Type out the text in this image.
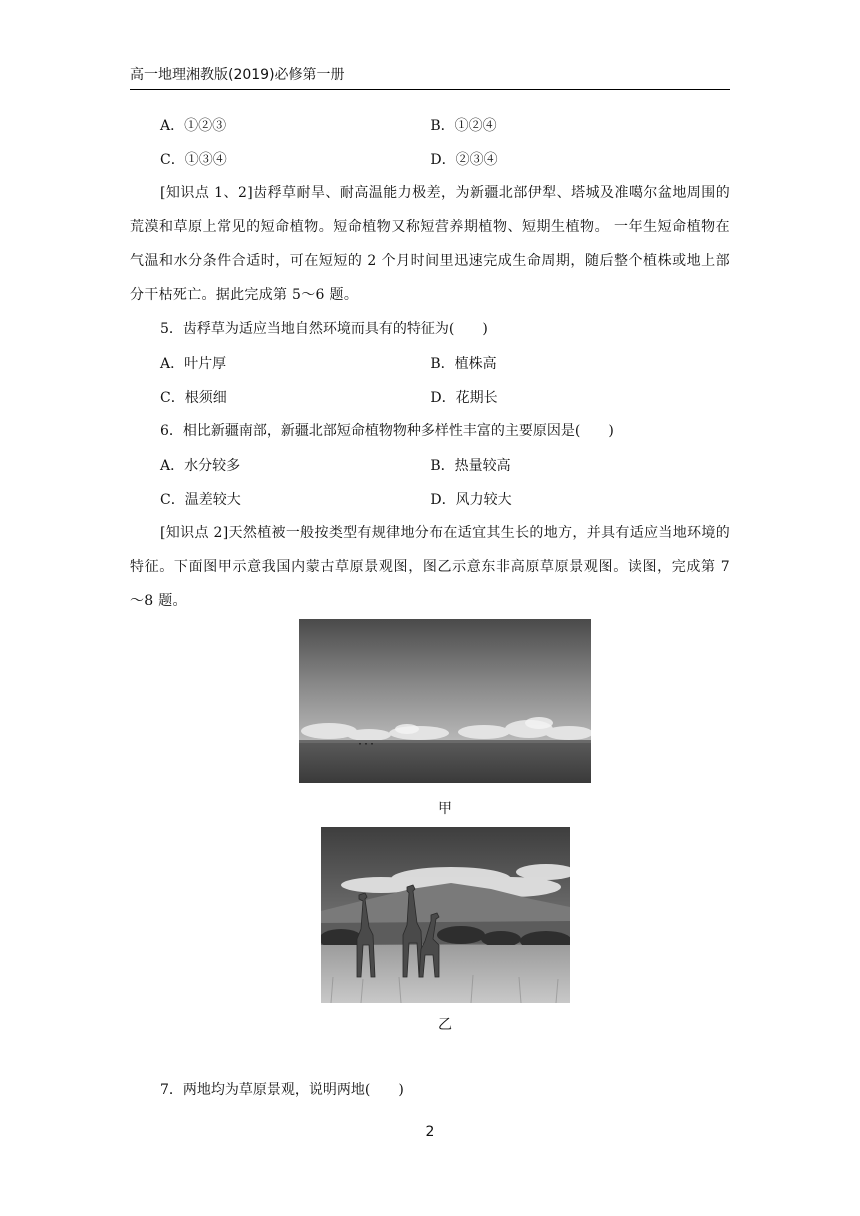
高一地理湘教版(2019)必修第一册
A．①②③	B．①②④
C．①③④	D．②③④

[知识点 1、2]齿稃草耐旱、耐高温能力极差，为新疆北部伊犁、塔城及准噶尔盆地周围的荒漠和草原上常见的短命植物。短命植物又称短营养期植物、短期生植物。 一年生短命植物在气温和水分条件合适时，可在短短的 2 个月时间里迅速完成生命周期，随后整个植株或地上部分干枯死亡。据此完成第 5～6 题。

5．齿稃草为适应当地自然环境而具有的特征为(　　)
A．叶片厚	B．植株高
C．根须细	D．花期长
6．相比新疆南部，新疆北部短命植物物种多样性丰富的主要原因是(　　)
A．水分较多	B．热量较高
C．温差较大	D．风力较大

[知识点 2]天然植被一般按类型有规律地分布在适宜其生长的地方，并具有适应当地环境的特征。下面图甲示意我国内蒙古草原景观图，图乙示意东非高原草原景观图。读图，完成第 7～8 题。

甲
乙
7．两地均为草原景观，说明两地(　　)
2
